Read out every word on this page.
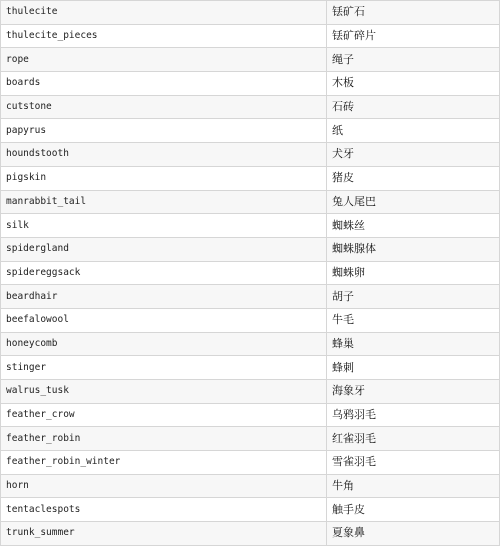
thulecite	铥矿石
thulecite_pieces	铥矿碎片
rope	绳子
boards	木板
cutstone	石砖
papyrus	纸
houndstooth	犬牙
pigskin	猪皮
manrabbit_tail	兔人尾巴
silk	蜘蛛丝
spidergland	蜘蛛腺体
spidereggsack	蜘蛛卵
beardhair	胡子
beefalowool	牛毛
honeycomb	蜂巢
stinger	蜂刺
walrus_tusk	海象牙
feather_crow	乌鸦羽毛
feather_robin	红雀羽毛
feather_robin_winter	雪雀羽毛
horn	牛角
tentaclespots	触手皮
trunk_summer	夏象鼻
